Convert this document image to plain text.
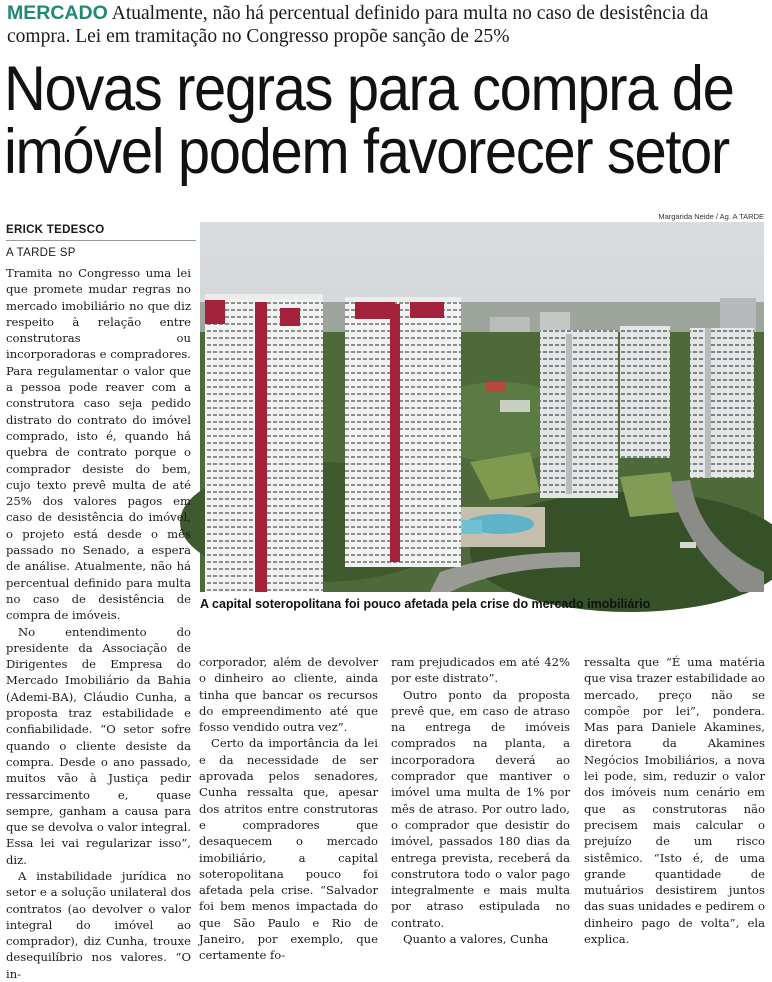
MERCADO Atualmente, não há percentual definido para multa no caso de desistência da compra. Lei em tramitação no Congresso propõe sanção de 25%
Novas regras para compra de
imóvel podem favorecer setor
ERICK TEDESCO
A TARDE SP
Margarida Neide / Ag. A TARDE
A capital soteropolitana foi pouco afetada pela crise do mercado imobiliário

Tramita no Congresso uma lei que promete mudar regras no mercado imobiliário no que diz respeito à relação entre construtoras ou incorporadoras e compradores. Para regulamentar o valor que a pessoa pode reaver com a construtora caso seja pedido distrato do contrato do imóvel comprado, isto é, quando há quebra de contrato porque o comprador desiste do bem, cujo texto prevê multa de até 25% dos valores pagos em caso de desistência do imóvel, o projeto está desde o mês passado no Senado, a espera de análise. Atualmente, não há percentual definido para multa no caso de desistência de compra de imóveis.

No entendimento do presidente da Associação de Dirigentes de Empresa do Mercado Imobiliário da Bahia (Ademi-BA), Cláudio Cunha, a proposta traz estabilidade e confiabilidade. “O setor sofre quando o cliente desiste da compra. Desde o ano passado, muitos vão à Justiça pedir ressarcimento e, quase sempre, ganham a causa para que se devolva o valor integral. Essa lei vai regularizar isso”, diz.

A instabilidade jurídica no setor e a solução unilateral dos contratos (ao devolver o valor integral do imóvel ao comprador), diz Cunha, trouxe desequilíbrio nos valores. “O in-

corporador, além de devolver o dinheiro ao cliente, ainda tinha que bancar os recursos do empreendimento até que fosso vendido outra vez”.

Certo da importância da lei e da necessidade de ser aprovada pelos senadores, Cunha ressalta que, apesar dos atritos entre construtoras e compradores que desaquecem o mercado imobiliário, a capital soteropolitana pouco foi afetada pela crise. “Salvador foi bem menos impactada do que São Paulo e Rio de Janeiro, por exemplo, que certamente fo-

ram prejudicados em até 42% por este distrato”.

Outro ponto da proposta prevê que, em caso de atraso na entrega de imóveis comprados na planta, a incorporadora deverá ao comprador que mantiver o imóvel uma multa de 1% por mês de atraso. Por outro lado, o comprador que desistir do imóvel, passados 180 dias da entrega prevista, receberá da construtora todo o valor pago integralmente e mais multa por atraso estipulada no contrato.

Quanto a valores, Cunha

ressalta que “É uma matéria que visa trazer estabilidade ao mercado, preço não se compõe por lei”, pondera. Mas para Daniele Akamines, diretora da Akamines Negócios Imobiliários, a nova lei pode, sim, reduzir o valor dos imóveis num cenário em que as construtoras não precisem mais calcular o prejuízo de um risco sistêmico. “Isto é, de uma grande quantidade de mutuários desistirem juntos das suas unidades e pedirem o dinheiro pago de volta”, ela explica.
